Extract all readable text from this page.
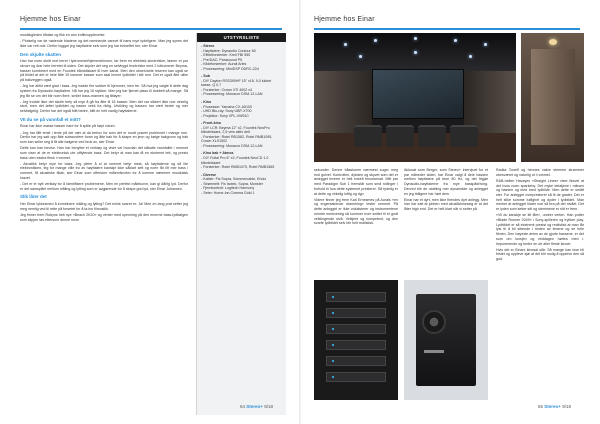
Hjemme hos Einar

musikkgleden tilbake og fikk en ann enfilmopplevelse.

- Plutselig var de nødende bladene og det nemnende vannet til hans mye tydeligere. Man jeg synes det ikke var rett nok. Derfor bygget jeg høyttalere selv som jeg har bekreftet her, sier Einar.

Den skjulte skatten

Han har noen skritt mot lerret i lydrommet/hjemmekinoen, tar frem en elektrisk skrutrekker, løsner et par skruer og drar hele lerretet til siden. Det skjuler det seg en selvbygd frontrekke med 2 toltrommer Beyma-basser kombinert med en Fountek bånddiskant til hver kanal. Men den observante leseren kan også se på bildet at det er hele åtte 15 tommer basser som skal levere lydbildet i sitt rom. Det er også åtte ulike på bakveggen også.

- Jeg har alltid vært glad i bass. Jeg hadde fire subber til hjemmet, men tre. Så hva jeg valgte å dette dag system fra Dynaudio-høyttalere. Nå har jeg 16 stykker. Men jeg har fjernet plass til dobbelt så mange. Så jeg får se om det blir noen flere, smiler bass-mannen og tilføyer:

- Jeg trodde ikke det skulle bety så mye å gå fra åtte til 16 basser. Men det var sikkert ikke noe virkelig stort, men det løftet lydbildet og basen vekk fra riktig. Utvikling og bassen har vært bedre og mer selvfølgelig. Derfor har det også blitt bedre, blitt en helt vanlig høyttalerne.

VII du se på vannfall et mitt?

Einar har ikke masse basser bare for å spille på høyt volum:

- Jeg har fått tenkt i lente på det nær at da behov for som det er rundt prøvet problemet i mange rom. Derfor har jeg satt opp åtte subwoofere foran og åtte bak for å skape en jevn og bølge bakgrunn og bak som kan seller seg å få alle bølgene ved bruk av, sier Einar.

Dette kan han bevise. Han har benyttet et verktøy og viser vei hvordan det såkalte vannfallet i rommet som viser at de er elektronisk ute utflytende bass. Det betyr at man kan få en ekstremt tett, og presis bass uten ekstra flesk i rommet.

- Akustikk betyr mye for bass. Jeg pleier å si at rommet betyr mest, så høyttalerne og så lite elektronikken, leg for mange ville tro av høyttalere kanskje ikke såklart sett og noen får litt mer bass i rommet, få akustiske tiltak, sier Einar som offeruker målemikrofon for å komme nærmere musikalsk kravet.

- Det er et nytt verktøy for å identifisere problemene. Men en perfekt målekurve, kan gi dårlig lyd. Derfor er det samspillet mellom måling og lytting som er avgjørende for å skape god lyd, sier Einar Johansen.

Slik låter det

Her Einar lykkesmed å kombinere måling og lytting? Det enkle svaret er: Ja! Men en lang prat setter jeg meg nemlig ved til rette på forsetet for å ta inn filmusikk.

Jeg finner frem Robyns helt nye «Beach 2K20» og venter med spenning på den enorme bass-lydbølgen som slipper løs ettersom denne neon

UTSTYRSLISTE
- Stereo
- Høyttalere: Dynaudio Contour 60
- Effektforsterker: Krell FBI 550
- Pre/DAC: Parasound P5
- Kildeforsterker: Aurali Arles
- Prosessering: MiniDSP DDRC-22d
- Sub
- DIY Dayton RSS390HF 15" x16, 9,0 lukket kasse, Q 0,7
- Forsterker: Crown XTi 4002 x4
- Prosessering: Monacor DSM-12-LAN
- Kino
- Prosessor: Yamaha CX-A5100
- UHD Blu-ray: Sony UBP-X700
- Projektor: Sony VPL-VW510
- Front-kino
- DIY LCR: Beyma 12" x2, Fountek NeoPro båndeiskant, 2,5 veis aktiv delt
- Forsterker: Rotel RB1582, Rotel RMB1095, Crown XLS1502
- Prosessering: Monacor DSM-12-LAN
- Kino bak + Atmos
- DIY Fultal Pro 6" x2, Fountek NeoCD 1.0 båndeiskant
- Forsterker: Rotel RMB1075, Rotel RMB1565
- Diverse
- Kabler: Fis Supra, Sommercable, Kholz
- Strømnett: Fis Isotek, Supra, Monster
- Fjernkontroll: Logitech Harmony
- Seter: Home-Inn Cinema Gold 1
64 Stereo+ 9/18
Hjemme hos Einar

sekunder. Denne båsstonen nærmest suger meg mot golvet. Kontrollen, dybden og skyvet som det er anlegget leverer er helt enkelt fenomenalt. Mitt par med Paradigm Sub 1 fremstår som små rollinger i forhold til hva dette systemet presterer. Så tydelig er at dette og virkelig luftig og dyp.

Videre finner jeg frem Karl Ernesmes på Aurals «en og engentakende dramming» tester rommet. På dette anlegget er ikke vokalsterer og instrumentene mindre merkverdig så kommer hver snittet til et godt velklingende nivå. Velkjent og kompetent, og den svarte lydbildet selv blir helt realistisk.

Akkurat som Berger, som Stereo+ intervjuet for et par måneder siden, har Einar valgt å dele bassen mellom høyttalere på teori 80 Hz, og det frigjør Dynaudio-høyttalerne fra mye basspådriving. Derved blir de utdeling mer dynamiske og anlegget en jeg tidligere har hørt dem.

Einar har et dyrt, men ikke firendes dyrt anlegg. Men han har satt at jobben med akustikkmessig er at det låter high end. Det er helt klart når vi setter på

Radka Toneff og hennes vakre stemme strømmer ubesværet og naturlig ut i rommet.

R&B-helten Havayes «Straight Lines» viser likevel at det hvos noen sparkeby. Det myke detaljene i miksen og bassen og med bred lydbilde. Men dette er smått ster. For anlegget overpresterer så til de grader. Det er helt slike somme lutfighet og dyder i lydbildet. Man merker at anlegget klarer noe så bra på det nivået. Det er lyden som setter sitt og stemmene er sitt er frem.

«Vil du kanskje se litt film», undrer verten. Han putter «Blade Runner 2049» i Sony-spilleren og trykker play. Lydbildet er så ekstremt presist og realistisk at man får lyst til å bli sittende i resten av timene og se hele filmen. Den høyeste delen av de gjorte bassene, er det som om lunsjen og middagen hørtes med i. Imponerende og bedre en de aller fleste kinoer.

Hvis det er Einars kinosal slår. Så mange kan lose bli fristet og oppleve sjøl at det blir mulig å oppleve den så god.

65 Stereo+ 9/18
